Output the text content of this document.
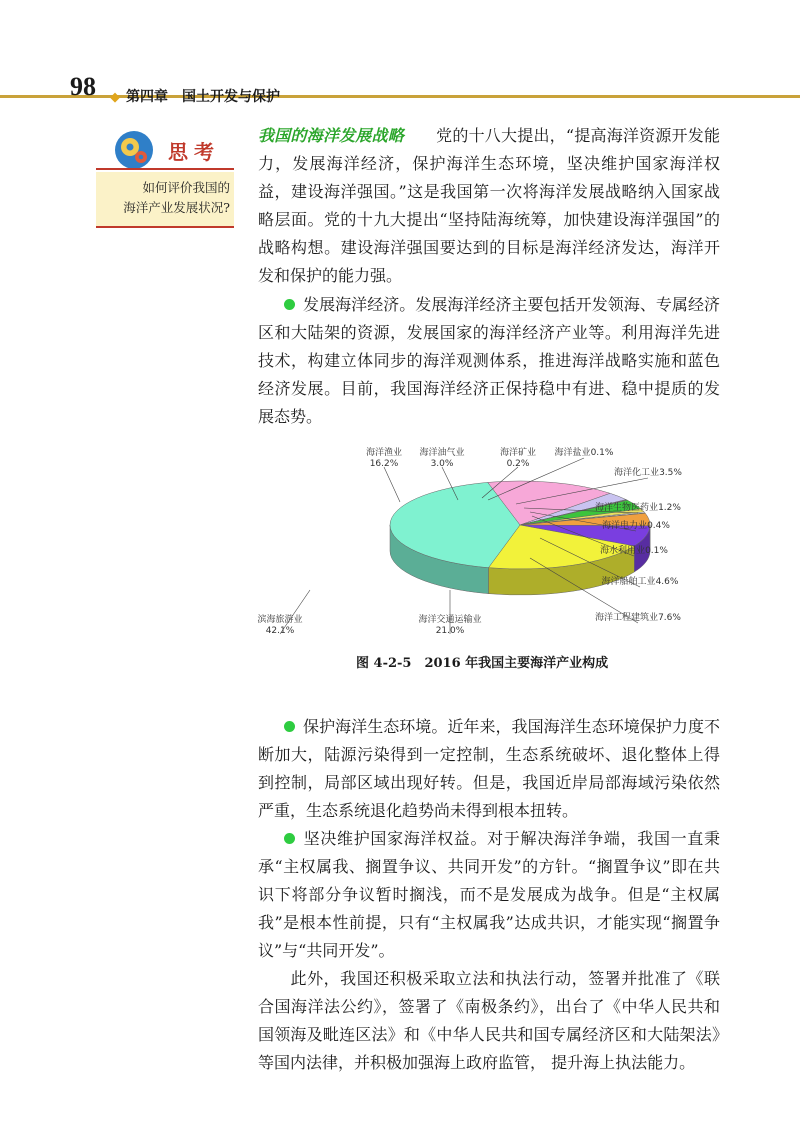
98 ◆ 第四章 国土开发与保护
思考
如何评价我国的
海洋产业发展状况?
我国的海洋发展战略 党的十八大提出，“提高海洋资源开发能力，发展海洋经济，保护海洋生态环境，坚决维护国家海洋权益，建设海洋强国。”这是我国第一次将海洋发展战略纳入国家战略层面。党的十九大提出“坚持陆海统筹，加快建设海洋强国”的战略构想。建设海洋强国要达到的目标是海洋经济发达，海洋开发和保护的能力强。
发展海洋经济。发展海洋经济主要包括开发领海、专属经济区和大陆架的资源，发展国家的海洋经济产业等。利用海洋先进技术，构建立体同步的海洋观测体系，推进海洋战略实施和蓝色经济发展。目前，我国海洋经济正保持稳中有进、稳中提质的发展态势。
海洋渔业
16.2%
海洋油气业
3.0%
海洋矿业
0.2%
海洋盐业0.1%
海洋化工业3.5%
海洋生物医药业1.2%
海洋电力业0.4%
海水利用业0.1%
海洋船舶工业4.6%
海洋工程建筑业7.6%
海洋交通运输业
21.0%
滨海旅游业
42.1%
图 4-2-5　2016 年我国主要海洋产业构成
保护海洋生态环境。近年来，我国海洋生态环境保护力度不断加大，陆源污染得到一定控制，生态系统破坏、退化整体上得到控制，局部区域出现好转。但是，我国近岸局部海域污染依然严重，生态系统退化趋势尚未得到根本扭转。
坚决维护国家海洋权益。对于解决海洋争端，我国一直秉承“主权属我、搁置争议、共同开发”的方针。“搁置争议”即在共识下将部分争议暂时搁浅，而不是发展成为战争。但是“主权属我”是根本性前提，只有“主权属我”达成共识，才能实现“搁置争议”与“共同开发”。
此外，我国还积极采取立法和执法行动，签署并批准了《联合国海洋法公约》，签署了《南极条约》，出台了《中华人民共和国领海及毗连区法》和《中华人民共和国专属经济区和大陆架法》等国内法律，并积极加强海上政府监管， 提升海上执法能力。
